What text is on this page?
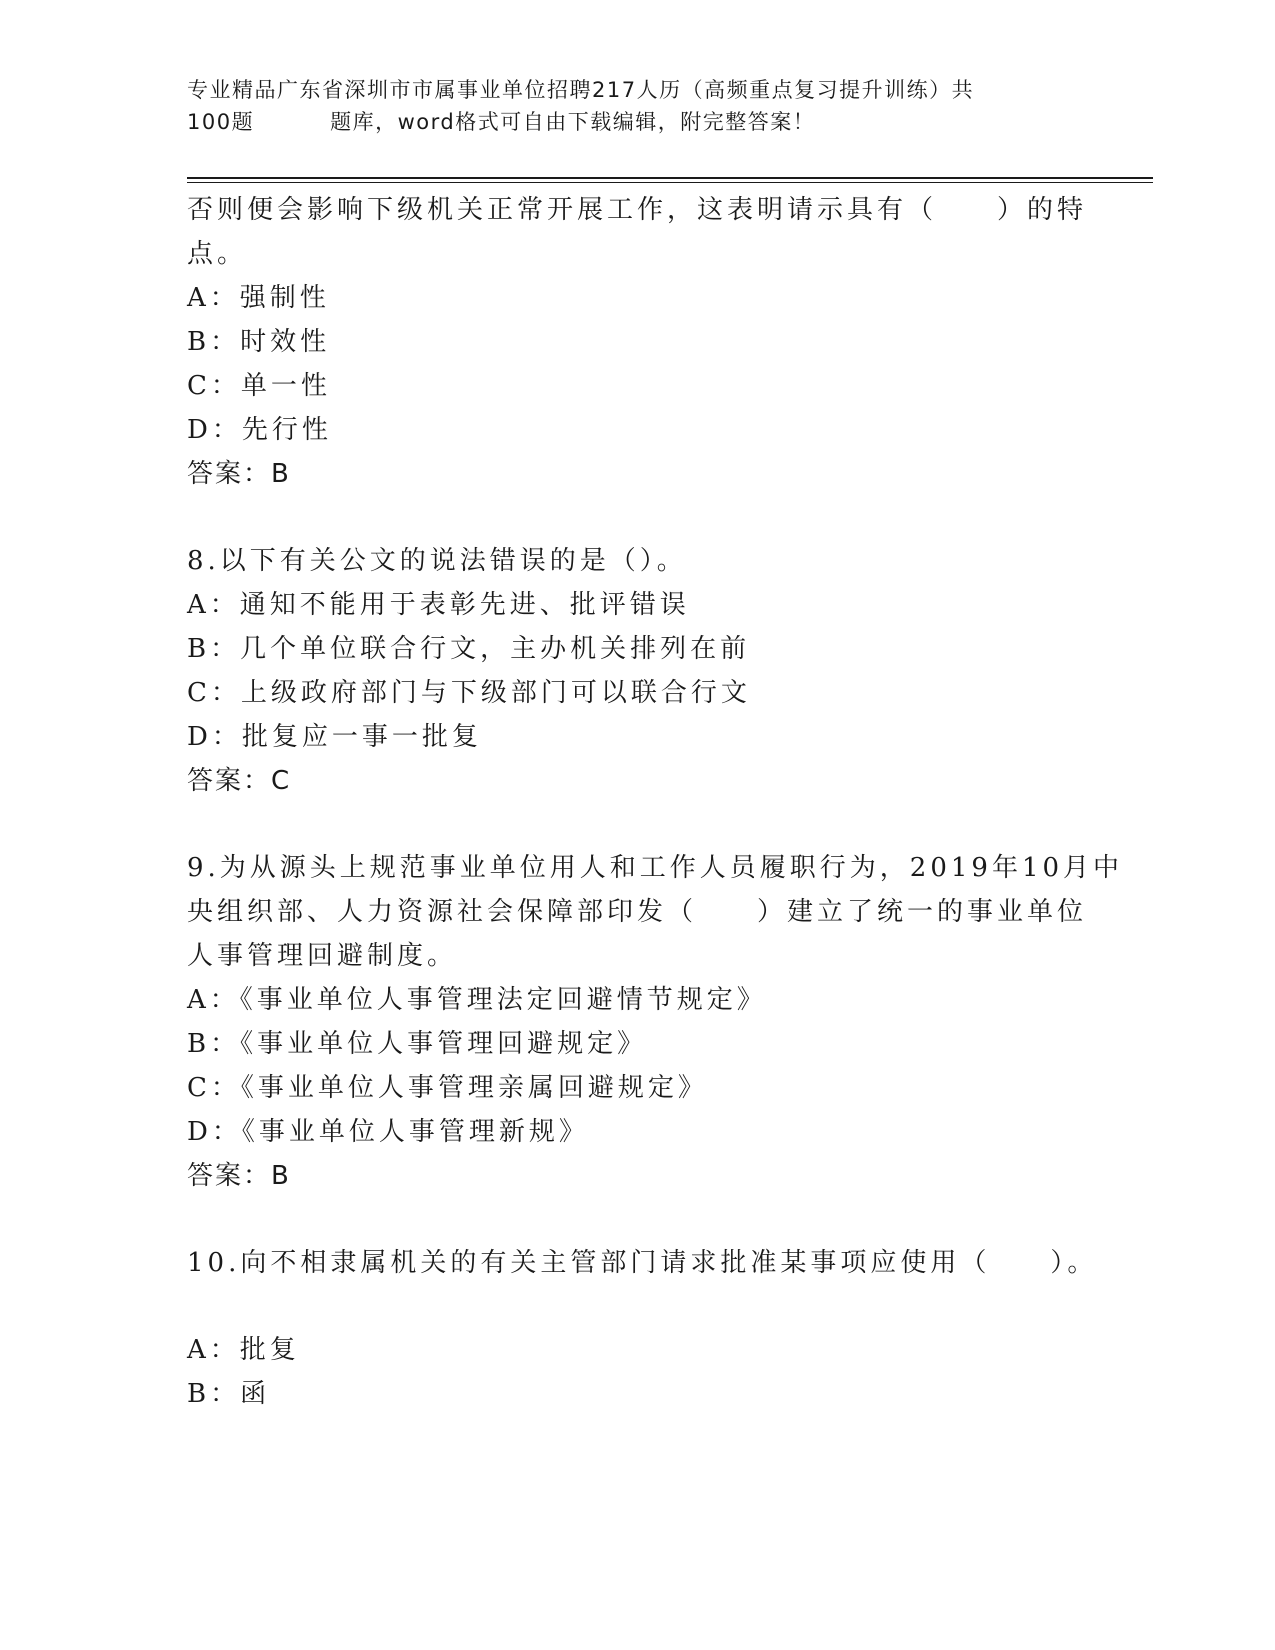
专业精品广东省深圳市市属事业单位招聘217人历（高频重点复习提升训练）共
100题	题库，word格式可自由下载编辑，附完整答案！
否则便会影响下级机关正常开展工作，这表明请示具有（　　）的特
点。
A：强制性
B：时效性
C：单一性
D：先行性
答案：B
8.以下有关公文的说法错误的是（）。
A：通知不能用于表彰先进、批评错误
B：几个单位联合行文，主办机关排列在前
C：上级政府部门与下级部门可以联合行文
D：批复应一事一批复
答案：C
9.为从源头上规范事业单位用人和工作人员履职行为，2019年10月中
央组织部、人力资源社会保障部印发（　　）建立了统一的事业单位
人事管理回避制度。
A：《事业单位人事管理法定回避情节规定》
B：《事业单位人事管理回避规定》
C：《事业单位人事管理亲属回避规定》
D：《事业单位人事管理新规》
答案：B
10.向不相隶属机关的有关主管部门请求批准某事项应使用（　　）。
A：批复
B：函
